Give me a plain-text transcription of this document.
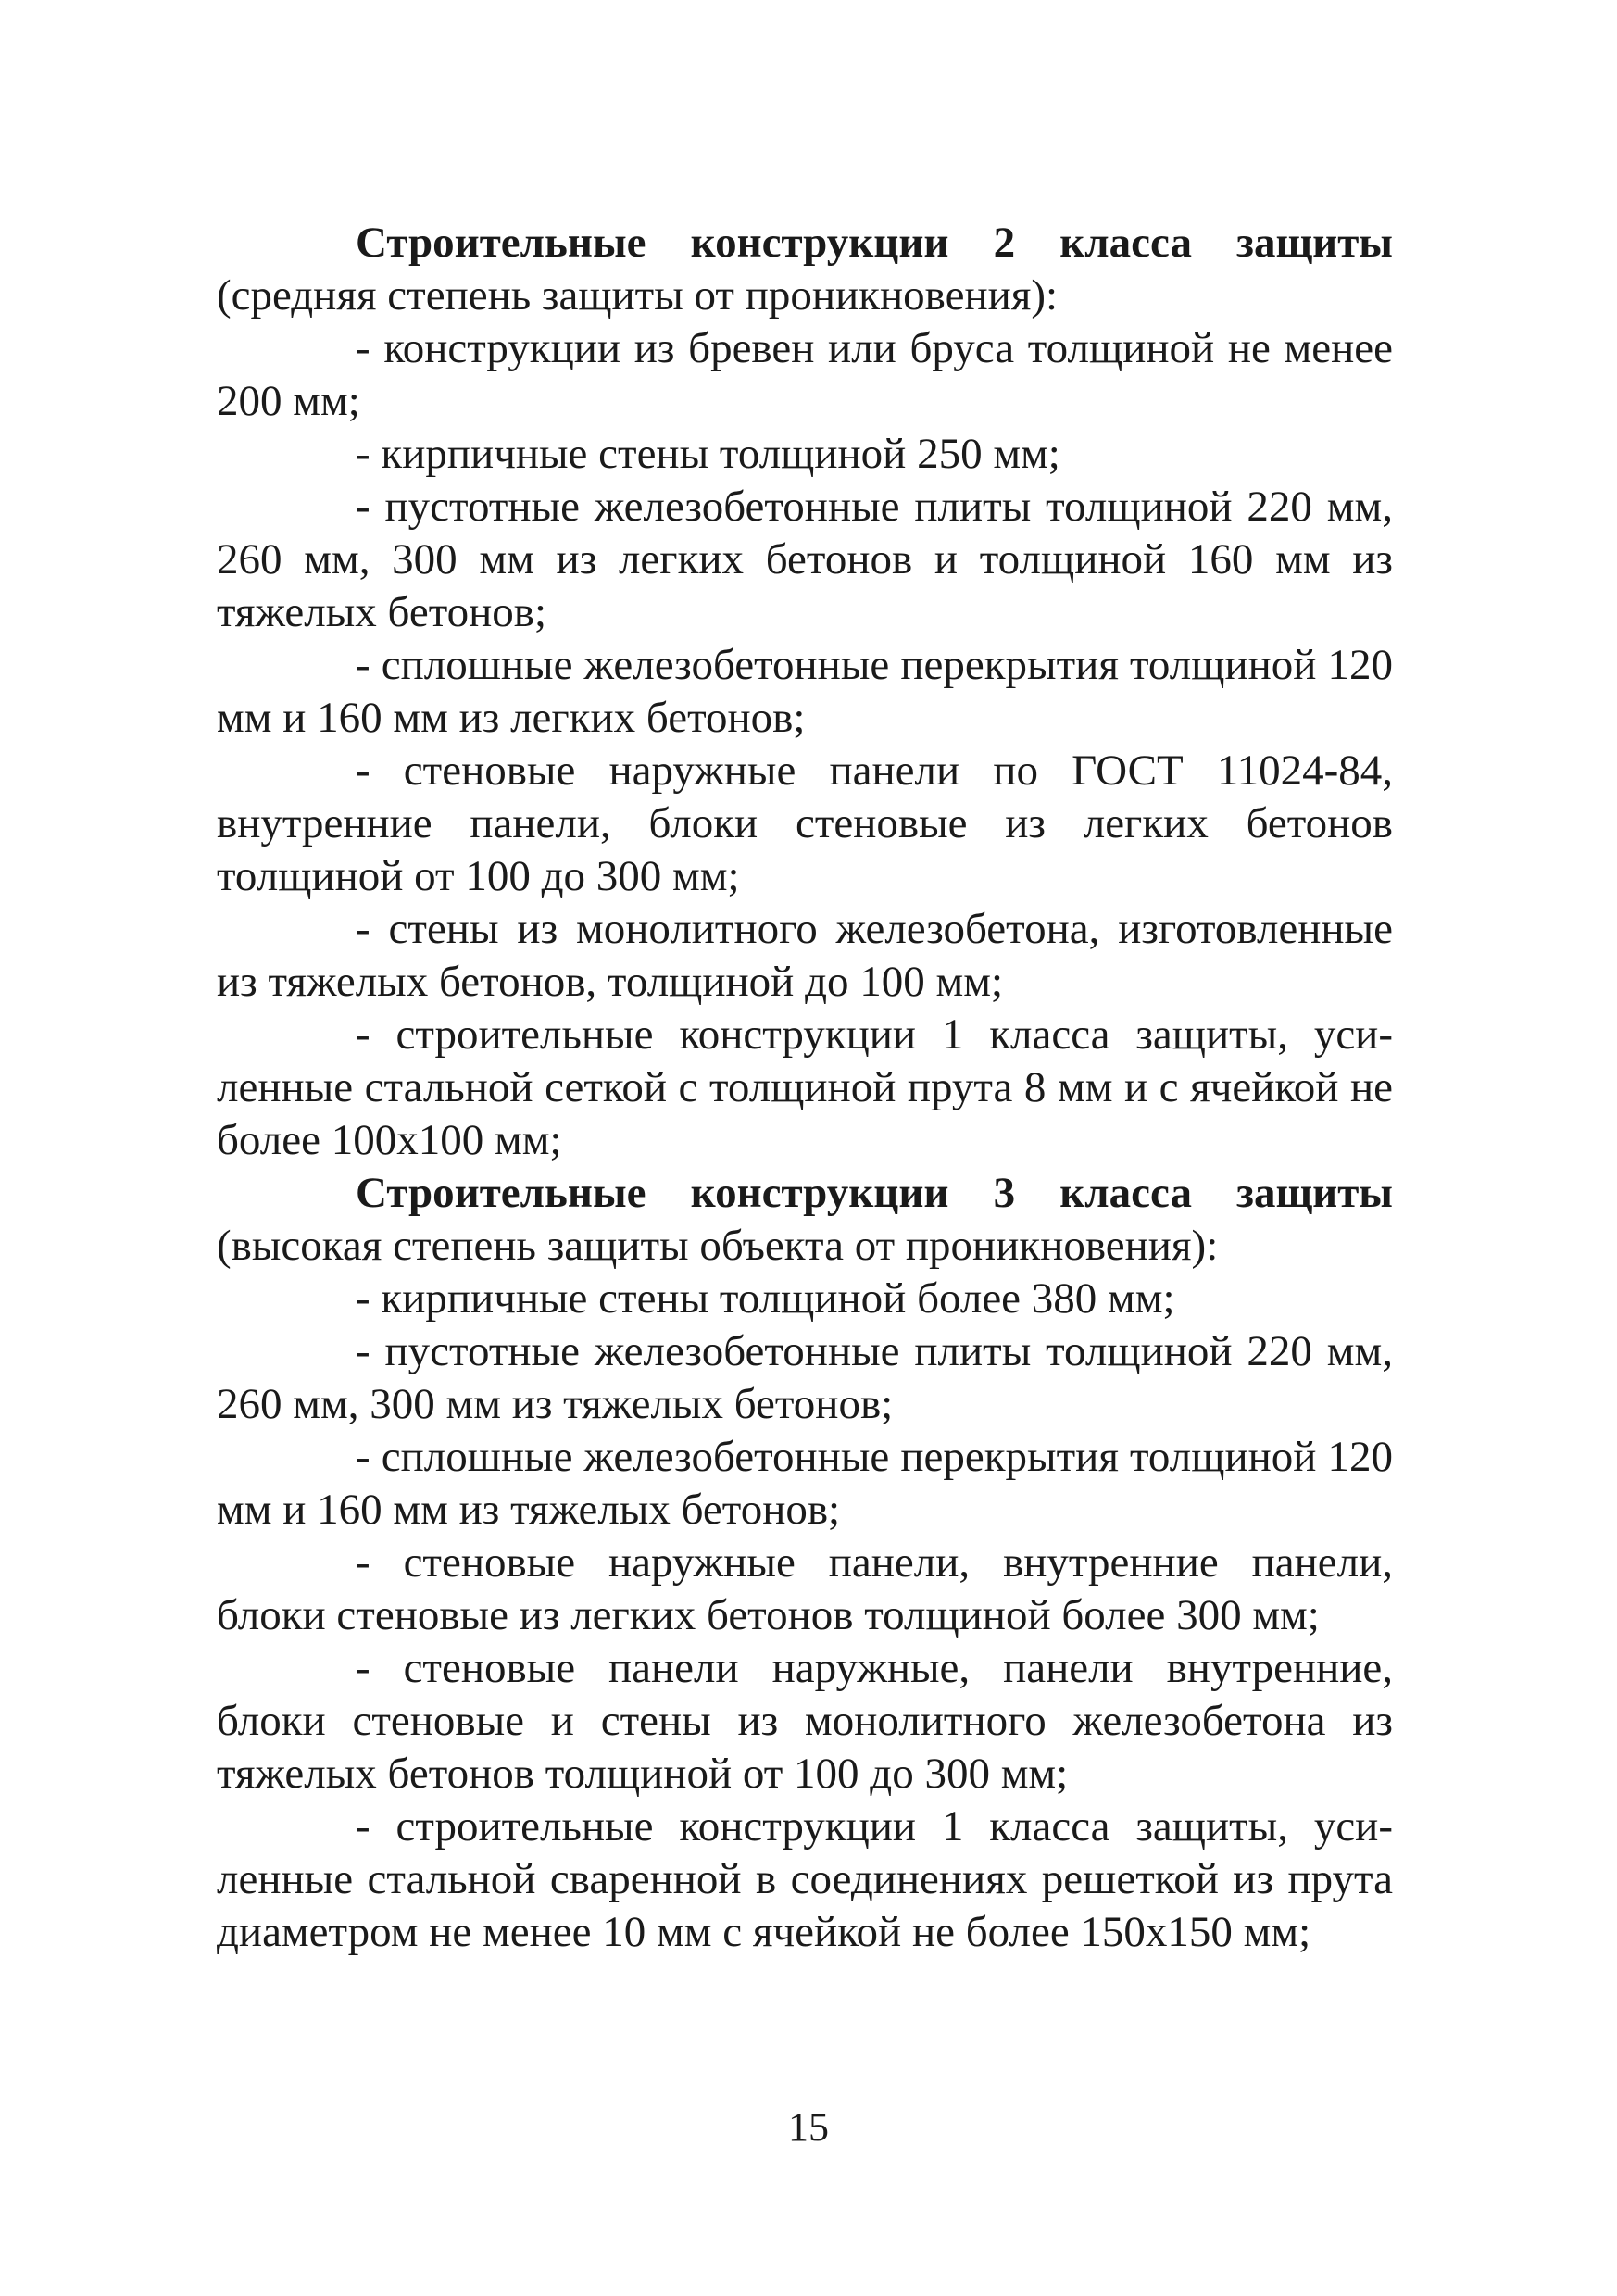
Строительные конструкции 2 класса защиты (средняя степень защиты от проникновения):

- конструкции из бревен или бруса толщиной не менее 200 мм;

- кирпичные стены толщиной 250 мм;

- пустотные железобетонные плиты толщиной 220 мм, 260 мм, 300 мм из легких бетонов и толщиной 160 мм из тяжелых бетонов;

- сплошные железобетонные перекрытия толщиной 120 мм и 160 мм из легких бетонов;

- стеновые наружные панели по ГОСТ 11024-84, внутренние панели, блоки стеновые из легких бетонов толщиной от 100 до 300 мм;

- стены из монолитного железобетона, изготовленные из тяжелых бетонов, толщиной до 100 мм;

- строительные конструкции 1 класса защиты, усиленные стальной сеткой с толщиной прута 8 мм и с ячейкой не более 100х100 мм;

Строительные конструкции 3 класса защиты (высокая степень защиты объекта от проникновения):

- кирпичные стены толщиной более 380 мм;

- пустотные железобетонные плиты толщиной 220 мм, 260 мм, 300 мм из тяжелых бетонов;

- сплошные железобетонные перекрытия толщиной 120 мм и 160 мм из тяжелых бетонов;

- стеновые наружные панели, внутренние панели, блоки стеновые из легких бетонов толщиной более 300 мм;

- стеновые панели наружные, панели внутренние, блоки стеновые и стены из монолитного железобетона из тяжелых бетонов толщиной от 100 до 300 мм;

- строительные конструкции 1 класса защиты, усиленные стальной сваренной в соединениях решеткой из прута диаметром не менее 10 мм с ячейкой не более 150х150 мм;

15
